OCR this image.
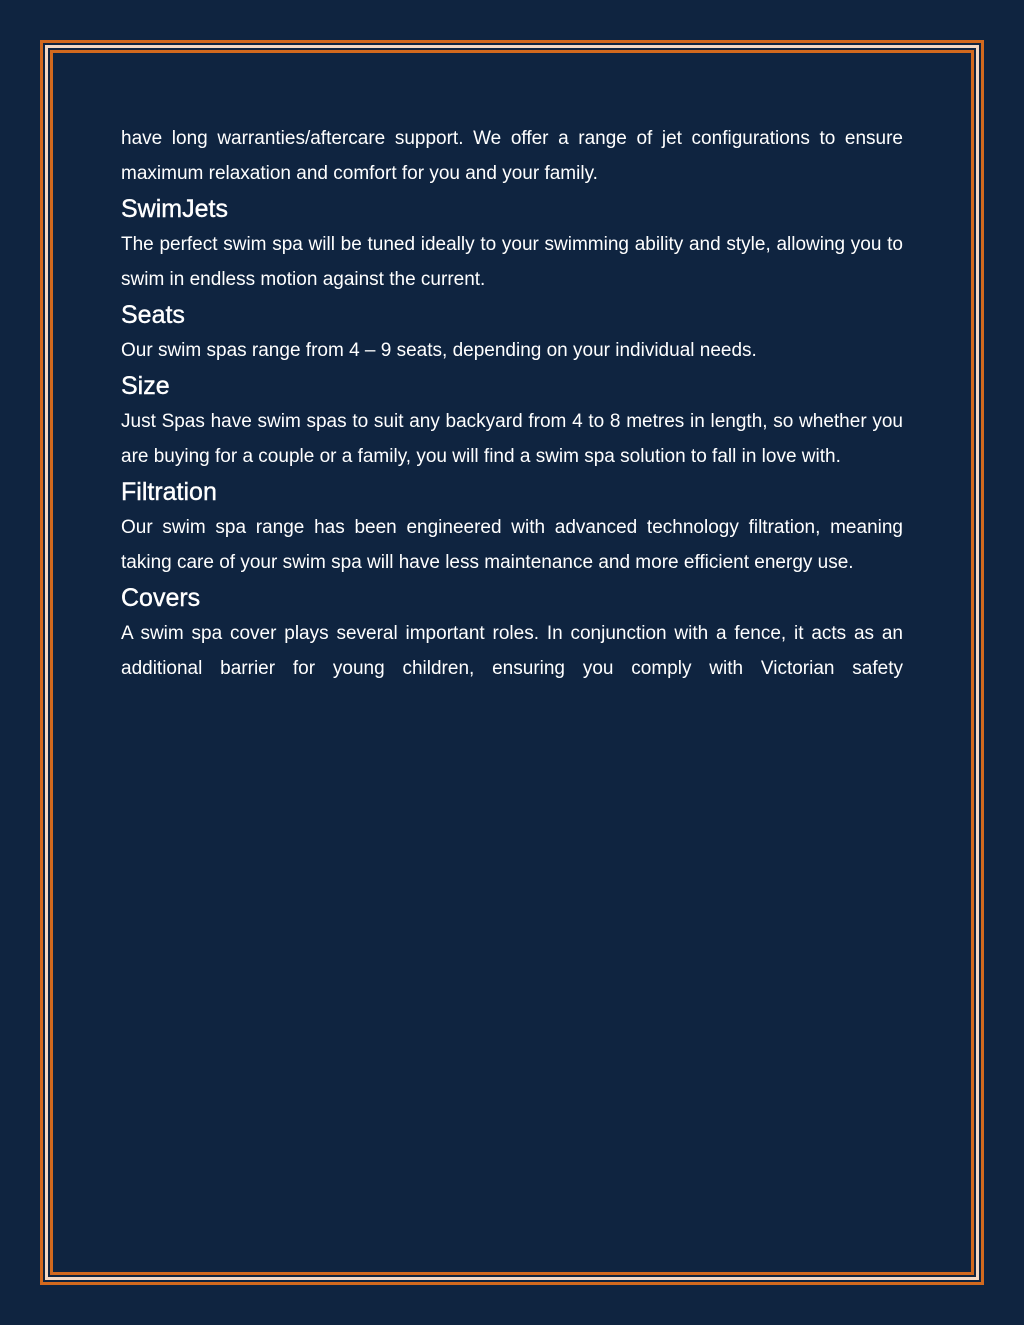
have long warranties/aftercare support. We offer a range of jet configurations to ensure maximum relaxation and comfort for you and your family.

SwimJets

The perfect swim spa will be tuned ideally to your swimming ability and style, allowing you to swim in endless motion against the current.

Seats

Our swim spas range from 4 – 9 seats, depending on your individual needs.

Size

Just Spas have swim spas to suit any backyard from 4 to 8 metres in length, so whether you are buying for a couple or a family, you will find a swim spa solution to fall in love with.

Filtration

Our swim spa range has been engineered with advanced technology filtration, meaning taking care of your swim spa will have less maintenance and more efficient energy use.

Covers

A swim spa cover plays several important roles. In conjunction with a fence, it acts as an additional barrier for young children, ensuring you comply with Victorian safety
